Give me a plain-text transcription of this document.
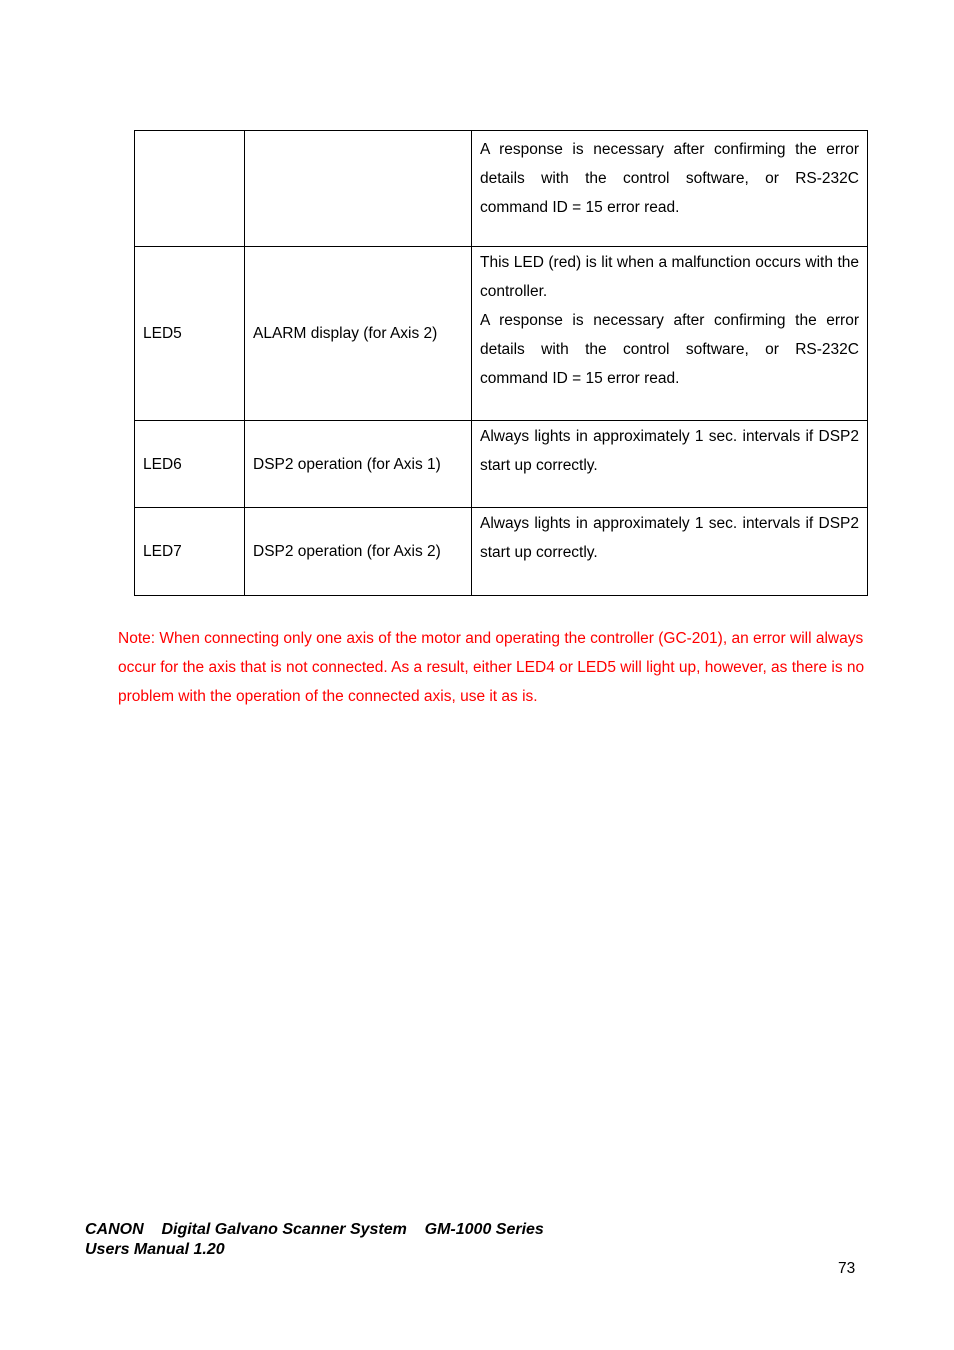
		A response is necessary after confirming the error details with the control software, or RS-232C command ID = 15 error read.

LED5	ALARM display (for Axis 2)	This LED (red) is lit when a malfunction occurs with the controller.

A response is necessary after confirming the error details with the control software, or RS-232C command ID = 15 error read.

LED6	DSP2 operation (for Axis 1)	Always lights in approximately 1 sec. intervals if DSP2 start up correctly.

LED7	DSP2 operation (for Axis 2)	Always lights in approximately 1 sec. intervals if DSP2 start up correctly.

Note: When connecting only one axis of the motor and operating the controller (GC-201), an error will always occur for the axis that is not connected. As a result, either LED4 or LED5 will light up, however, as there is no problem with the operation of the connected axis, use it as is.

CANON    Digital Galvano Scanner System    GM-1000 Series
Users Manual 1.20
73
